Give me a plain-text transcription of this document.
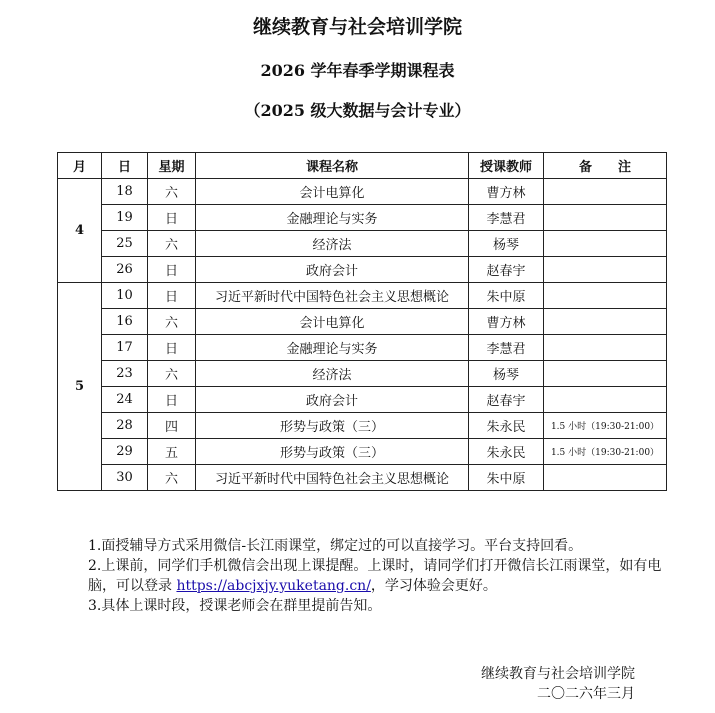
继续教育与社会培训学院
2026 学年春季学期课程表
（2025 级大数据与会计专业）
月	日	星期	课程名称	授课教师	备　　注
4	18	六	会计电算化	曹方林	
	19	日	金融理论与实务	李慧君	
	25	六	经济法	杨琴	
	26	日	政府会计	赵春宇	
5	10	日	习近平新时代中国特色社会主义思想概论	朱中原	
	16	六	会计电算化	曹方林	
	17	日	金融理论与实务	李慧君	
	23	六	经济法	杨琴	
	24	日	政府会计	赵春宇	
	28	四	形势与政策（三）	朱永民	1.5 小时（19:30-21:00）
	29	五	形势与政策（三）	朱永民	1.5 小时（19:30-21:00）
	30	六	习近平新时代中国特色社会主义思想概论	朱中原	

1.面授辅导方式采用微信-长江雨课堂，绑定过的可以直接学习。平台支持回看。

2.上课前，同学们手机微信会出现上课提醒。上课时，请同学们打开微信长江雨课堂，如有电脑，可以登录 https://abcjxjy.yuketang.cn/，学习体验会更好。

3.具体上课时段，授课老师会在群里提前告知。

继续教育与社会培训学院
二〇二六年三月
